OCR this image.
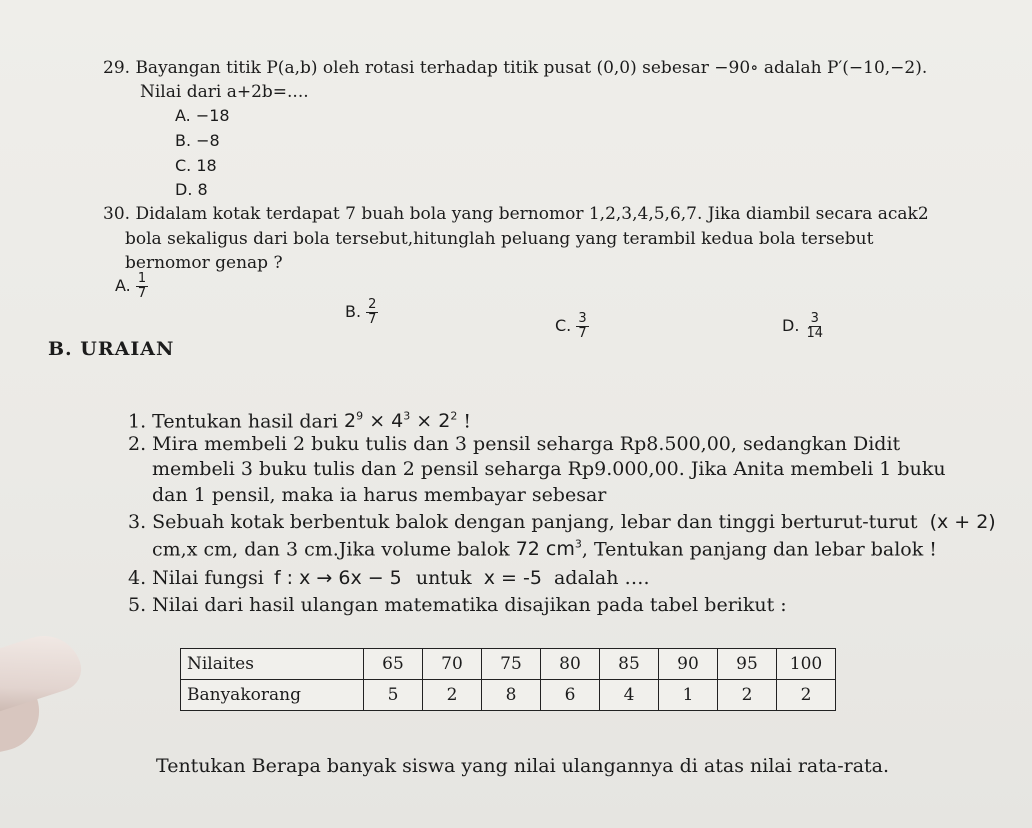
29. Bayangan titik P(a,b) oleh rotasi terhadap titik pusat (0,0) sebesar −90∘ adalah P′(−10,−2).
Nilai dari a+2b=....
A. −18
B. −8
C. 18
D. 8
30. Didalam kotak terdapat 7 buah bola yang bernomor 1,2,3,4,5,6,7. Jika diambil secara acak2
bola sekaligus dari bola tersebut,hitunglah peluang yang terambil kedua bola tersebut
bernomor genap ?
A. $\frac{1}{7}$
B. $\frac{2}{7}$	C. $\frac{3}{7}$	D. $\frac{3}{14}$
B. URAIAN
1. Tentukan hasil dari $2^9 \times 4^3 \times 2^2$ !
2. Mira membeli 2 buku tulis dan 3 pensil seharga Rp8.500,00, sedangkan Didit
membeli 3 buku tulis dan 2 pensil seharga Rp9.000,00. Jika Anita membeli 1 buku
dan 1 pensil, maka ia harus membayar sebesar
3. Sebuah kotak berbentuk balok dengan panjang, lebar dan tinggi berturut-turut (x + 2)
cm,x cm, dan 3 cm.Jika volume balok 72 $cm^3$, Tentukan panjang dan lebar balok !
4. Nilai fungsi f : x → 6x − 5 untuk x = -5 adalah ….
5. Nilai dari hasil ulangan matematika disajikan pada tabel berikut :
Nilaites	65	70	75	80	85	90	95	100
Banyakorang	5	2	8	6	4	1	2	2
Tentukan Berapa banyak siswa yang nilai ulangannya di atas nilai rata-rata.
